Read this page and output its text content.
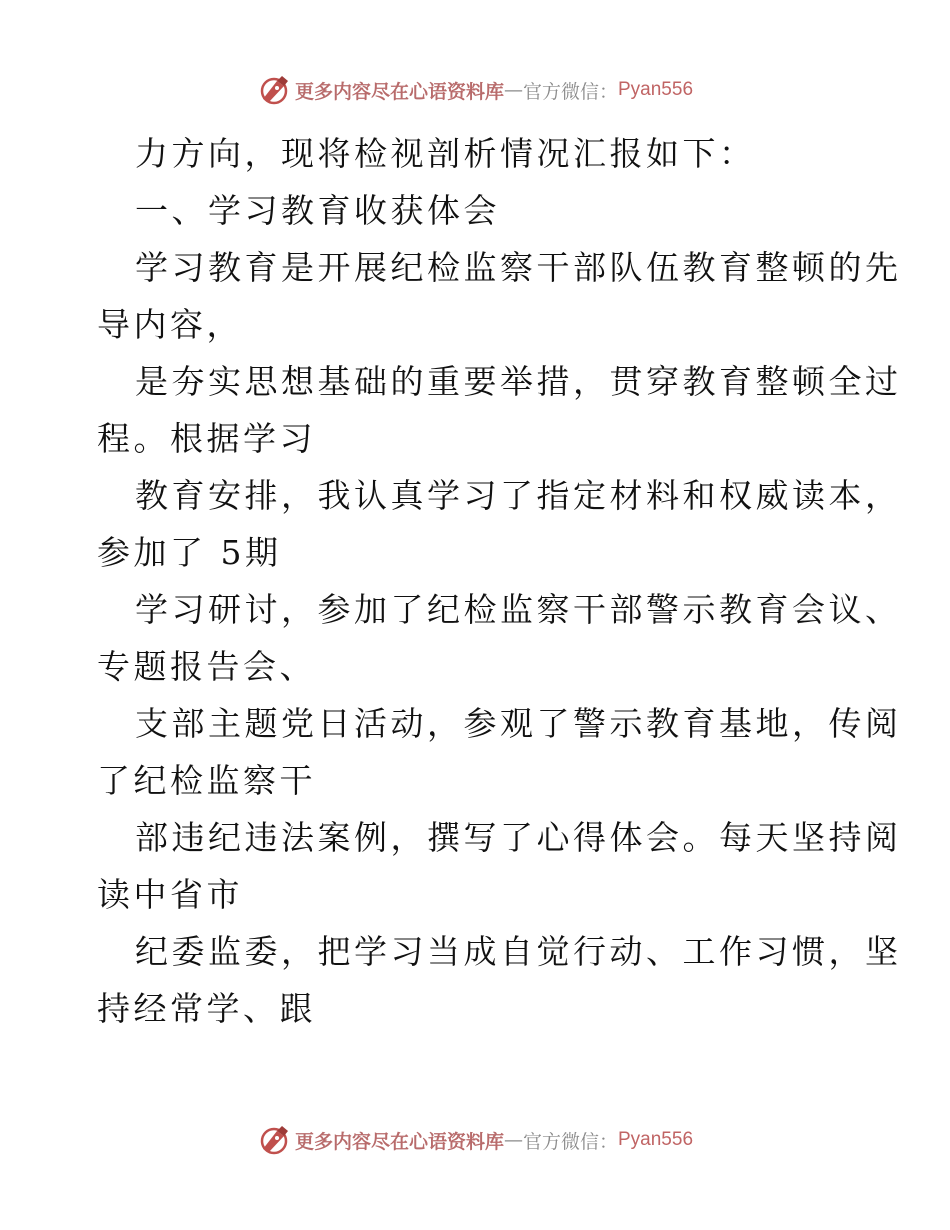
更多内容尽在心语资料库 — 官方微信： Pyan556
力方向，现将检视剖析情况汇报如下：
一、学习教育收获体会
学习教育是开展纪检监察干部队伍教育整顿的先
导内容，
是夯实思想基础的重要举措，贯穿教育整顿全过
程。根据学习
教育安排，我认真学习了指定材料和权威读本，
参加了 5期
学习研讨，参加了纪检监察干部警示教育会议、
专题报告会、
支部主题党日活动，参观了警示教育基地，传阅
了纪检监察干
部违纪违法案例，撰写了心得体会。每天坚持阅
读中省市
纪委监委，把学习当成自觉行动、工作习惯，坚
持经常学、跟
更多内容尽在心语资料库 — 官方微信： Pyan556
